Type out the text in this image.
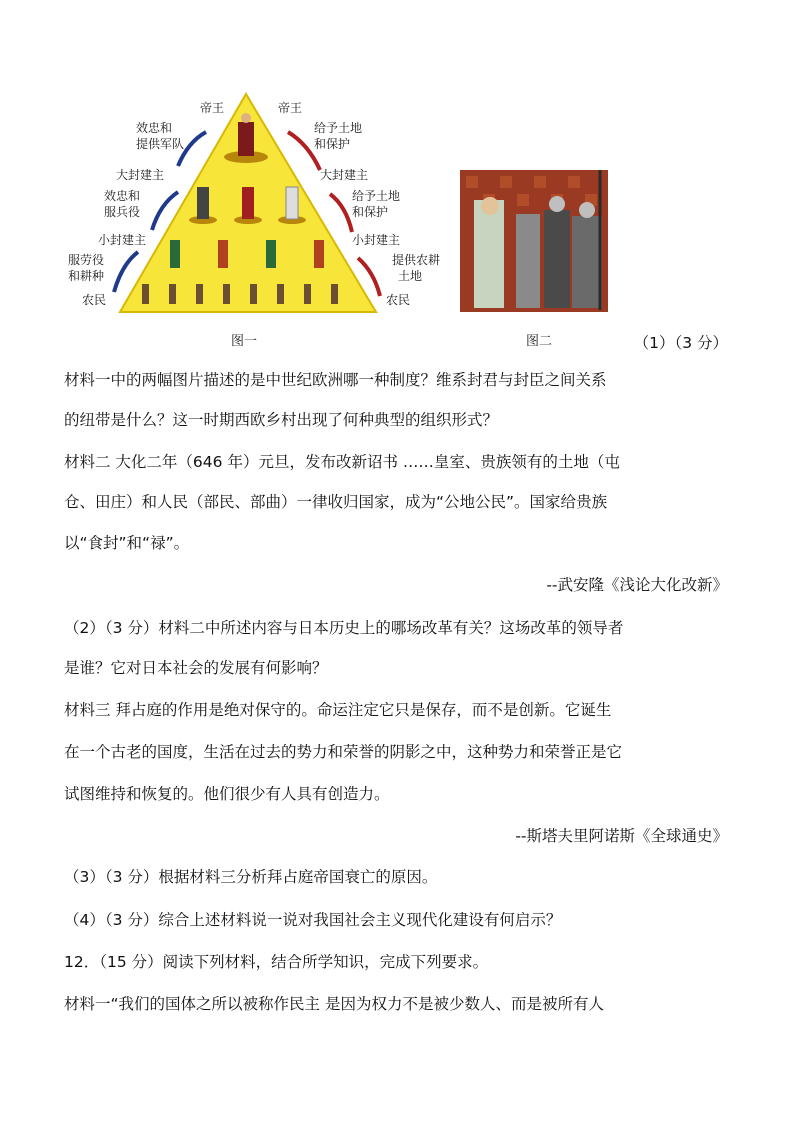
帝王	帝王
效忠和
提供军队
大封建主
效忠和
服兵役
小封建主
服劳役
和耕种
农民
给予土地
和保护
大封建主
给予土地
和保护
小封建主
提供农耕
土地
农民
图一	图二	（1）（3 分）
材料一中的两幅图片描述的是中世纪欧洲哪一种制度？维系封君与封臣之间关系
的纽带是什么？这一时期西欧乡村出现了何种典型的组织形式？
材料二 大化二年（646 年）元旦，发布改新诏书 ……皇室、贵族领有的土地（屯
仓、田庄）和人民（部民、部曲）一律收归国家，成为“公地公民”。国家给贵族
以“食封”和“禄”。
--武安隆《浅论大化改新》
（2）（3 分）材料二中所述内容与日本历史上的哪场改革有关？这场改革的领导者
是谁？它对日本社会的发展有何影响？
材料三 拜占庭的作用是绝对保守的。命运注定它只是保存，而不是创新。它诞生
在一个古老的国度，生活在过去的势力和荣誉的阴影之中，这种势力和荣誉正是它
试图维持和恢复的。他们很少有人具有创造力。
--斯塔夫里阿诺斯《全球通史》
（3）（3 分）根据材料三分析拜占庭帝国衰亡的原因。
（4）（3 分）综合上述材料说一说对我国社会主义现代化建设有何启示？
12．（15 分）阅读下列材料，结合所学知识，完成下列要求。
材料一“我们的国体之所以被称作民主 是因为权力不是被少数人、而是被所有人
